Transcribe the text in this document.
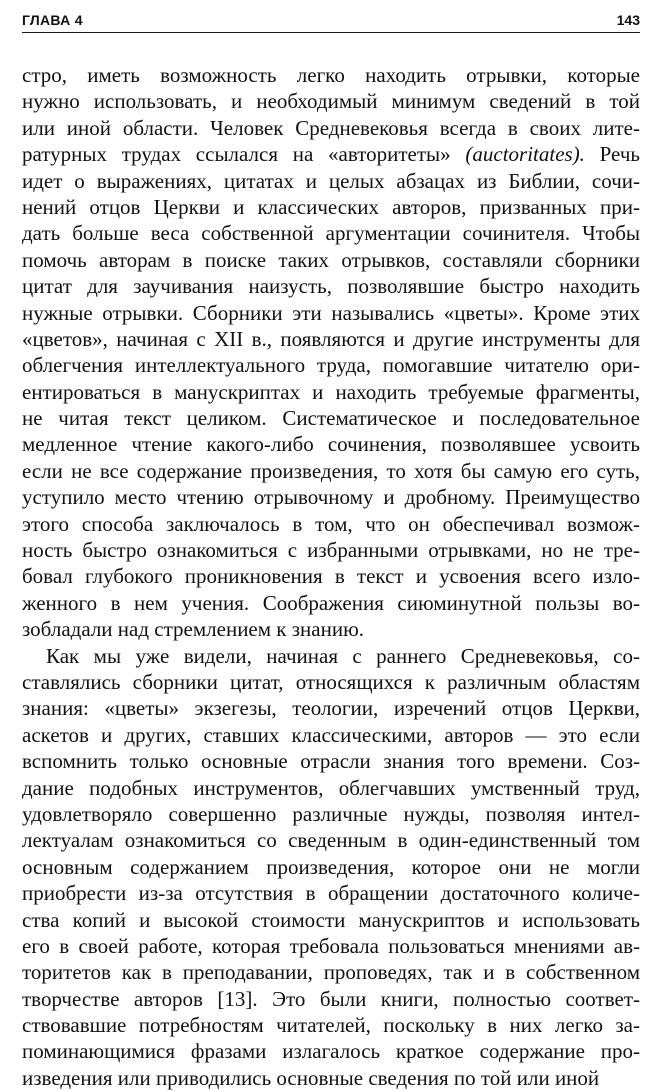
ГЛАВА 4	143
стро, иметь возможность легко находить отрывки, которые
нужно использовать, и необходимый минимум сведений в той
или иной области. Человек Средневековья всегда в своих лите-
ратурных трудах ссылался на «авторитеты» (auctoritates). Речь
идет о выражениях, цитатах и целых абзацах из Библии, сочи-
нений отцов Церкви и классических авторов, призванных при-
дать больше веса собственной аргументации сочинителя. Чтобы
помочь авторам в поиске таких отрывков, составляли сборники
цитат для заучивания наизусть, позволявшие быстро находить
нужные отрывки. Сборники эти назывались «цветы». Кроме этих
«цветов», начиная с XII в., появляются и другие инструменты для
облегчения интеллектуального труда, помогавшие читателю ори-
ентироваться в манускриптах и находить требуемые фрагменты,
не читая текст целиком. Систематическое и последовательное
медленное чтение какого-либо сочинения, позволявшее усвоить
если не все содержание произведения, то хотя бы самую его суть,
уступило место чтению отрывочному и дробному. Преимущество
этого способа заключалось в том, что он обеспечивал возмож-
ность быстро ознакомиться с избранными отрывками, но не тре-
бовал глубокого проникновения в текст и усвоения всего изло-
женного в нем учения. Соображения сиюминутной пользы во-
зобладали над стремлением к знанию.
Как мы уже видели, начиная с раннего Средневековья, со-
ставлялись сборники цитат, относящихся к различным областям
знания: «цветы» экзегезы, теологии, изречений отцов Церкви,
аскетов и других, ставших классическими, авторов — это если
вспомнить только основные отрасли знания того времени. Соз-
дание подобных инструментов, облегчавших умственный труд,
удовлетворяло совершенно различные нужды, позволяя интел-
лектуалам ознакомиться со сведенным в один-единственный том
основным содержанием произведения, которое они не могли
приобрести из-за отсутствия в обращении достаточного количе-
ства копий и высокой стоимости манускриптов и использовать
его в своей работе, которая требовала пользоваться мнениями ав-
торитетов как в преподавании, проповедях, так и в собственном
творчестве авторов [13]. Это были книги, полностью соответ-
ствовавшие потребностям читателей, поскольку в них легко за-
поминающимися фразами излагалось краткое содержание про-
изведения или приводились основные сведения по той или иной
